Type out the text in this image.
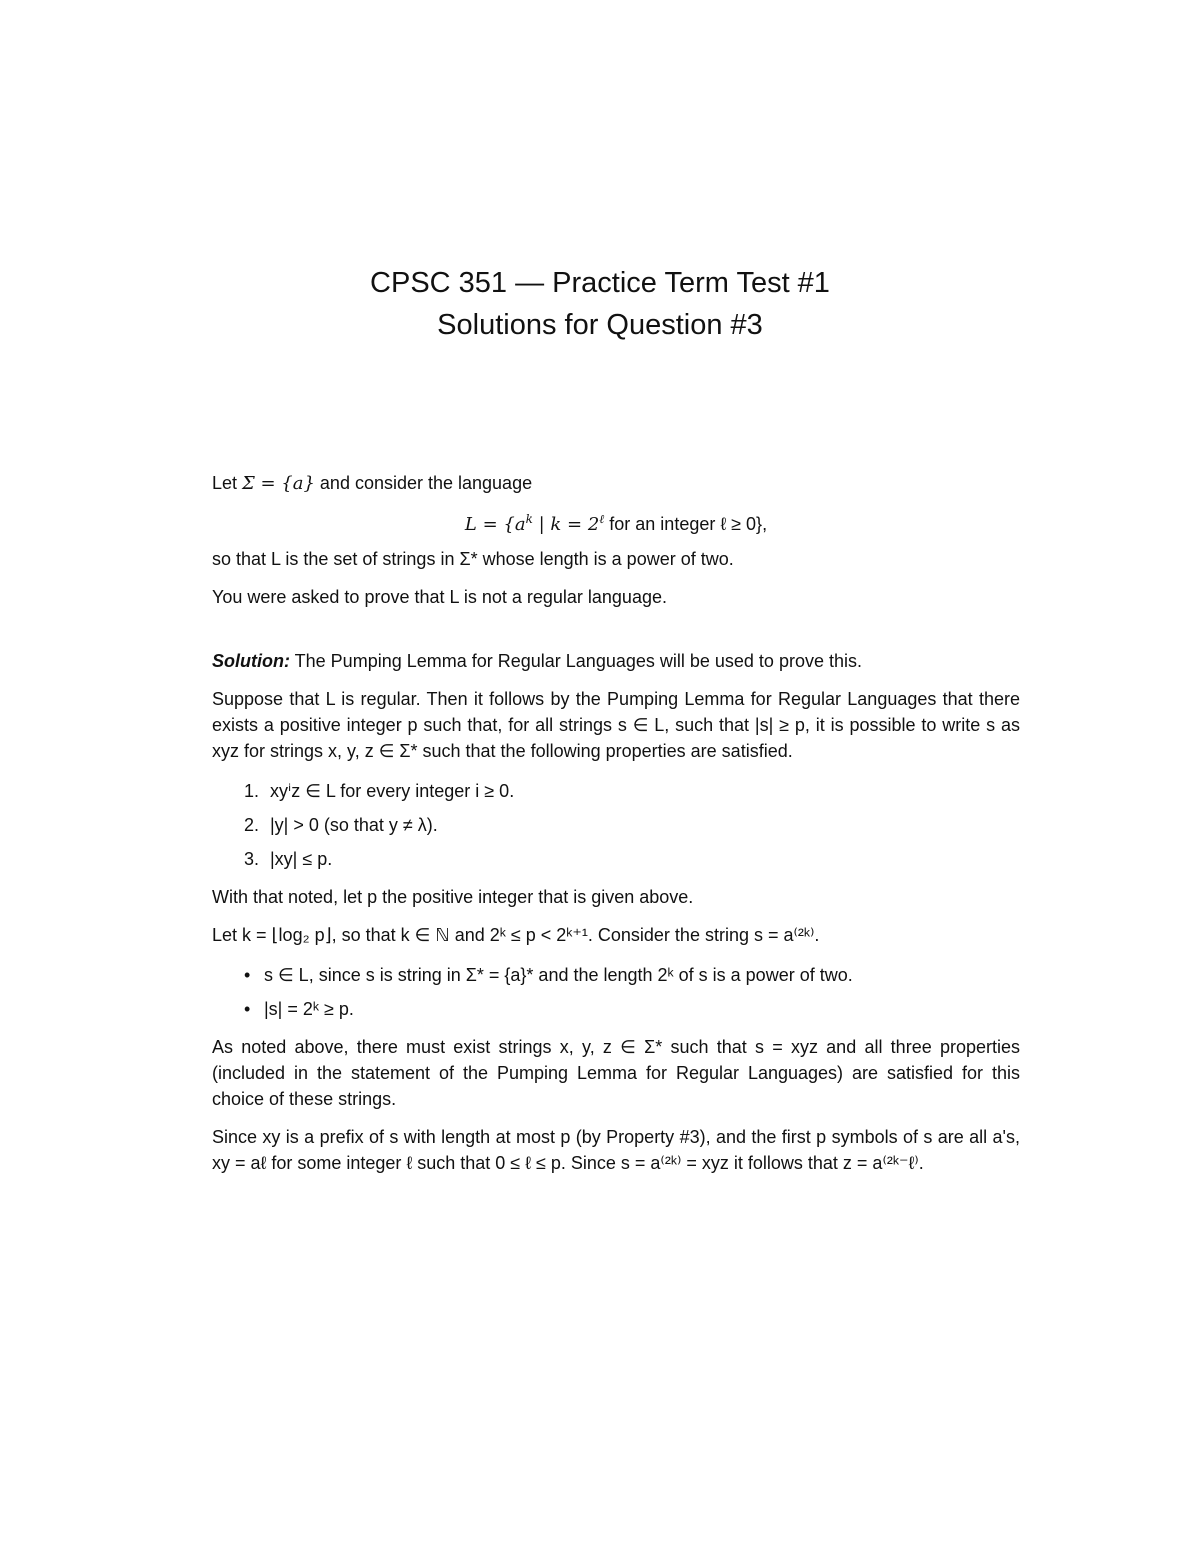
CPSC 351 — Practice Term Test #1
Solutions for Question #3

Let Σ = {a} and consider the language

$L = \{a^k$ | $k = 2^\ell$ for an integer ℓ ≥ 0},

so that L is the set of strings in Σ* whose length is a power of two.

You were asked to prove that L is not a regular language.

Solution: The Pumping Lemma for Regular Languages will be used to prove this.

Suppose that L is regular. Then it follows by the Pumping Lemma for Regular Languages that there exists a positive integer p such that, for all strings s ∈ L, such that |s| ≥ p, it is possible to write s as xyz for strings x, y, z ∈ Σ* such that the following properties are satisfied.

1. xyⁱz ∈ L for every integer i ≥ 0.
2. |y| > 0 (so that y ≠ λ).
3. |xy| ≤ p.

With that noted, let p the positive integer that is given above.

Let k = ⌊log₂ p⌋, so that k ∈ ℕ and 2ᵏ ≤ p < 2ᵏ⁺¹. Consider the string s = a⁽²ᵏ⁾.

• s ∈ L, since s is string in Σ* = {a}* and the length 2ᵏ of s is a power of two.
• |s| = 2ᵏ ≥ p.

As noted above, there must exist strings x, y, z ∈ Σ* such that s = xyz and all three properties (included in the statement of the Pumping Lemma for Regular Languages) are satisfied for this choice of these strings.

Since xy is a prefix of s with length at most p (by Property #3), and the first p symbols of s are all a's, xy = aℓ for some integer ℓ such that 0 ≤ ℓ ≤ p. Since s = a⁽²ᵏ⁾ = xyz it follows that z = a⁽²ᵏ⁻ℓ⁾.
